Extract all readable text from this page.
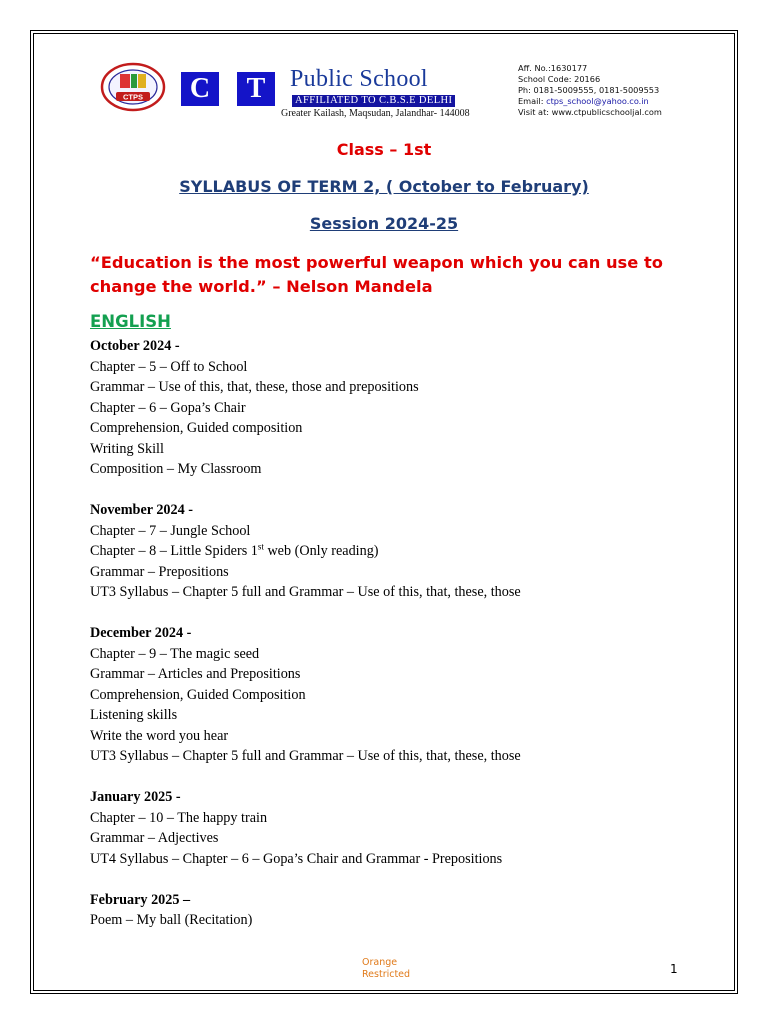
CTPS	C	T	Public School
AFFILIATED TO C.B.S.E DELHI
Greater Kailash, Maqsudan, Jalandhar- 144008
Aff. No.:1630177
School Code: 20166
Ph: 0181-5009555, 0181-5009553
Email: ctps_school@yahoo.co.in
Visit at: www.ctpublicschooljal.com
Class – 1st
SYLLABUS OF TERM 2, ( October to February)
Session 2024-25
“Education is the most powerful weapon which you can use to change the world.” – Nelson Mandela
ENGLISH
October 2024 -
Chapter – 5 – Off to School
Grammar – Use of this, that, these, those and prepositions
Chapter – 6 – Gopa’s Chair
Comprehension, Guided composition
Writing Skill
Composition – My Classroom
November 2024 -
Chapter – 7 – Jungle School
Chapter – 8 – Little Spiders 1st web (Only reading)
Grammar – Prepositions
UT3 Syllabus – Chapter 5 full and Grammar – Use of this, that, these, those
December 2024 -
Chapter – 9 – The magic seed
Grammar – Articles and Prepositions
Comprehension, Guided Composition
Listening skills
Write the word you hear
UT3 Syllabus – Chapter 5 full and Grammar – Use of this, that, these, those
January 2025 -
Chapter – 10 – The happy train
Grammar – Adjectives
UT4 Syllabus – Chapter – 6 – Gopa’s Chair and Grammar - Prepositions
February 2025 –
Poem – My ball (Recitation)
Orange Restricted	1
